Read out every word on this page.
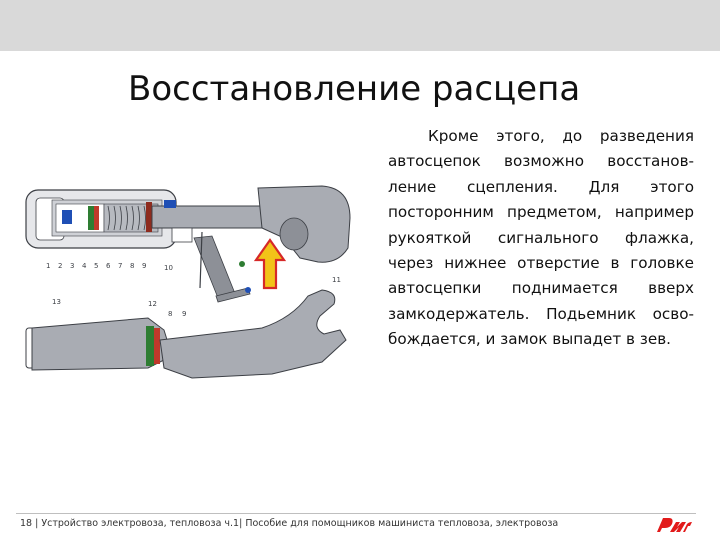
Восстановление расцепа
Кроме этого, до разведения автосцепок возможно восстанов-ление сцепления. Для этого посторонним предметом, например рукояткой сигнального флажка, через нижнее отверстие в головке автосцепки поднимается вверх замкодержатель. Подьемник осво-бождается, и замок выпадет в зев.
1 2 3 4 5 6 7 8 9	10
11
13	12
8 9
18 | Устройство электровоза, тепловоза ч.1| Пособие для помощников машиниста тепловоза, электровоза
